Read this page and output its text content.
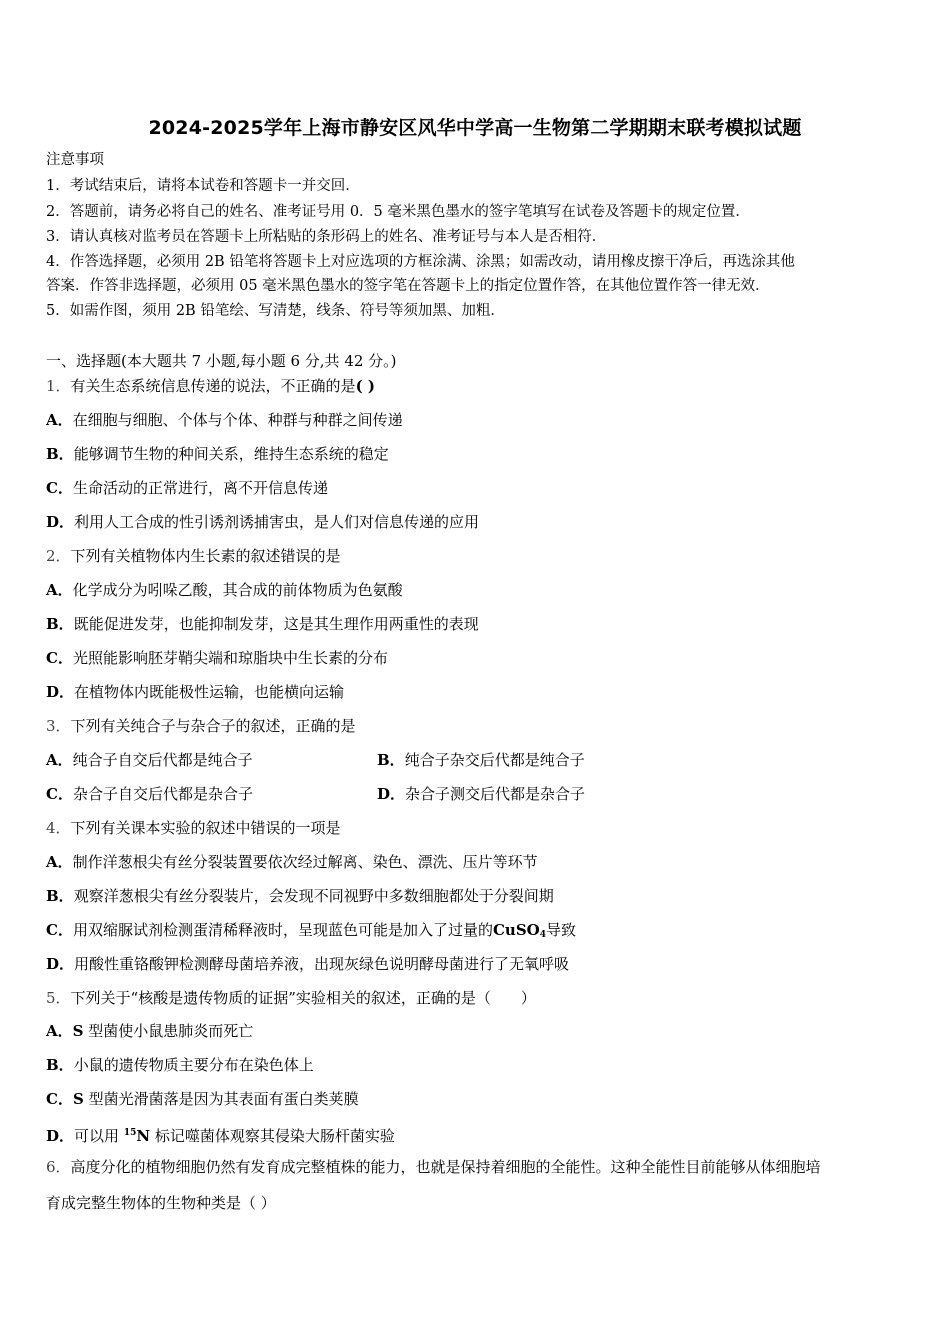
2024-2025学年上海市静安区风华中学高一生物第二学期期末联考模拟试题
注意事项
1．考试结束后，请将本试卷和答题卡一并交回．
2．答题前，请务必将自己的姓名、准考证号用 0．5 毫米黑色墨水的签字笔填写在试卷及答题卡的规定位置．
3．请认真核对监考员在答题卡上所粘贴的条形码上的姓名、准考证号与本人是否相符．
4．作答选择题，必须用 2B 铅笔将答题卡上对应选项的方框涂满、涂黑；如需改动，请用橡皮擦干净后，再选涂其他
答案．作答非选择题，必须用 05 毫米黑色墨水的签字笔在答题卡上的指定位置作答，在其他位置作答一律无效．
5．如需作图，须用 2B 铅笔绘、写清楚，线条、符号等须加黑、加粗．
一、选择题(本大题共 7 小题,每小题 6 分,共 42 分。)
1．有关生态系统信息传递的说法，不正确的是( )
A．在细胞与细胞、个体与个体、种群与种群之间传递
B．能够调节生物的种间关系，维持生态系统的稳定
C．生命活动的正常进行，离不开信息传递
D．利用人工合成的性引诱剂诱捕害虫，是人们对信息传递的应用
2．下列有关植物体内生长素的叙述错误的是
A．化学成分为吲哚乙酸，其合成的前体物质为色氨酸
B．既能促进发芽，也能抑制发芽，这是其生理作用两重性的表现
C．光照能影响胚芽鞘尖端和琼脂块中生长素的分布
D．在植物体内既能极性运输，也能横向运输
3．下列有关纯合子与杂合子的叙述，正确的是
A．纯合子自交后代都是纯合子	B．纯合子杂交后代都是纯合子
C．杂合子自交后代都是杂合子	D．杂合子测交后代都是杂合子
4．下列有关课本实验的叙述中错误的一项是
A．制作洋葱根尖有丝分裂装置要依次经过解离、染色、漂洗、压片等环节
B．观察洋葱根尖有丝分裂装片，会发现不同视野中多数细胞都处于分裂间期
C．用双缩脲试剂检测蛋清稀释液时，呈现蓝色可能是加入了过量的CuSO$_4$导致
D．用酸性重铬酸钾检测酵母菌培养液，出现灰绿色说明酵母菌进行了无氧呼吸
5．下列关于“核酸是遗传物质的证据”实验相关的叙述，正确的是（　　）
A．S 型菌使小鼠患肺炎而死亡
B．小鼠的遗传物质主要分布在染色体上
C．S 型菌光滑菌落是因为其表面有蛋白类荚膜
D．可以用 $^{15}$N 标记噬菌体观察其侵染大肠杆菌实验
6．高度分化的植物细胞仍然有发育成完整植株的能力，也就是保持着细胞的全能性。这种全能性目前能够从体细胞培
育成完整生物体的生物种类是（ ）
